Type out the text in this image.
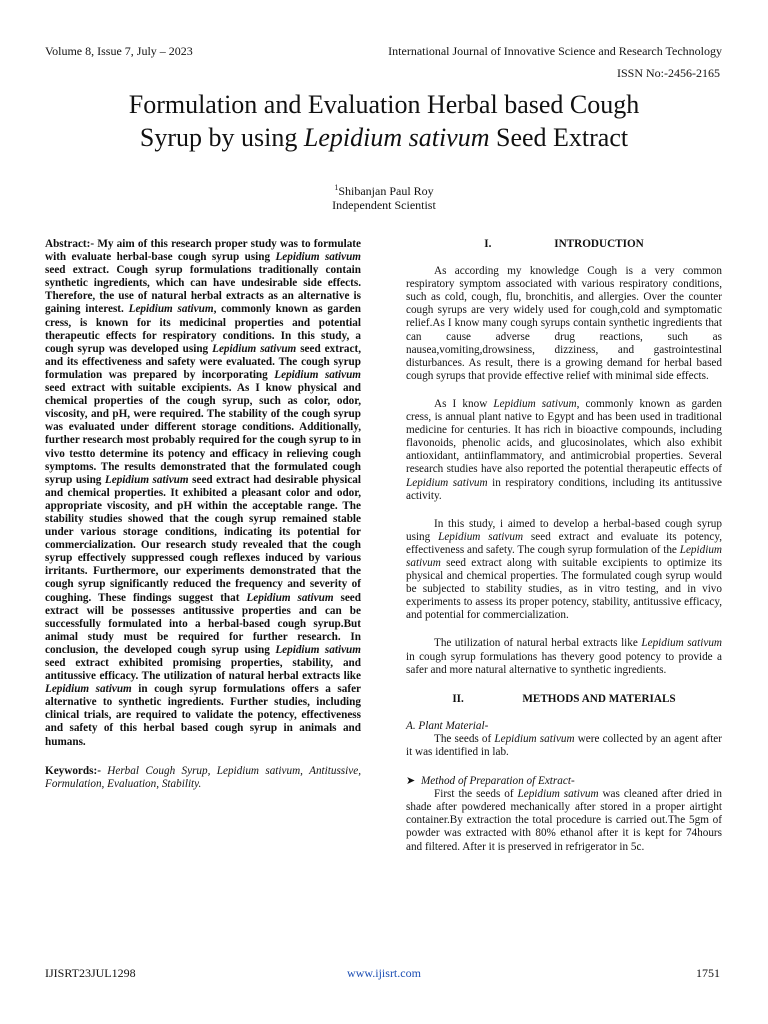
Volume 8, Issue 7, July – 2023	International Journal of Innovative Science and Research Technology
ISSN No:-2456-2165
Formulation and Evaluation Herbal based Cough
Syrup by using Lepidium sativum Seed Extract
$^1$Shibanjan Paul Roy
Independent Scientist

Abstract:- My aim of this research proper study was to formulate with evaluate herbal-base cough syrup using Lepidium sativum seed extract. Cough syrup formulations traditionally contain synthetic ingredients, which can have undesirable side effects. Therefore, the use of natural herbal extracts as an alternative is gaining interest. Lepidium sativum, commonly known as garden cress, is known for its medicinal properties and potential therapeutic effects for respiratory conditions. In this study, a cough syrup was developed using Lepidium sativum seed extract, and its effectiveness and safety were evaluated. The cough syrup formulation was prepared by incorporating Lepidium sativum seed extract with suitable excipients. As I know physical and chemical properties of the cough syrup, such as color, odor, viscosity, and pH, were required. The stability of the cough syrup was evaluated under different storage conditions. Additionally, further research most probably required for the cough syrup to in vivo testto determine its potency and efficacy in relieving cough symptoms. The results demonstrated that the formulated cough syrup using Lepidium sativum seed extract had desirable physical and chemical properties. It exhibited a pleasant color and odor, appropriate viscosity, and pH within the acceptable range. The stability studies showed that the cough syrup remained stable under various storage conditions, indicating its potential for commercialization. Our research study revealed that the cough syrup effectively suppressed cough reflexes induced by various irritants. Furthermore, our experiments demonstrated that the cough syrup significantly reduced the frequency and severity of coughing. These findings suggest that Lepidium sativum seed extract will be possesses antitussive properties and can be successfully formulated into a herbal-based cough syrup.But animal study must be required for further research. In conclusion, the developed cough syrup using Lepidium sativum seed extract exhibited promising properties, stability, and antitussive efficacy. The utilization of natural herbal extracts like Lepidium sativum in cough syrup formulations offers a safer alternative to synthetic ingredients. Further studies, including clinical trials, are required to validate the potency, effectiveness and safety of this herbal based cough syrup in animals and humans.

Keywords:- Herbal Cough Syrup, Lepidium sativum, Antitussive, Formulation, Evaluation, Stability.

I.	INTRODUCTION

As according my knowledge Cough is a very common respiratory symptom associated with various respiratory conditions, such as cold, cough, flu, bronchitis, and allergies. Over the counter cough syrups are very widely used for cough,cold and symptomatic relief.As I know many cough syrups contain synthetic ingredients that can cause adverse drug reactions, such as nausea,vomiting,drowsiness, dizziness, and gastrointestinal disturbances. As result, there is a growing demand for herbal based cough syrups that provide effective relief with minimal side effects.

As I know Lepidium sativum, commonly known as garden cress, is annual plant native to Egypt and has been used in traditional medicine for centuries. It has rich in bioactive compounds, including flavonoids, phenolic acids, and glucosinolates, which also exhibit antioxidant, antiinflammatory, and antimicrobial properties. Several research studies have also reported the potential therapeutic effects of Lepidium sativum in respiratory conditions, including its antitussive activity.

In this study, i aimed to develop a herbal-based cough syrup using Lepidium sativum seed extract and evaluate its potency, effectiveness and safety. The cough syrup formulation of the Lepidium sativum seed extract along with suitable excipients to optimize its physical and chemical properties. The formulated cough syrup would be subjected to stability studies, as in vitro testing, and in vivo experiments to assess its proper potency, stability, antitussive efficacy, and potential for commercialization.

The utilization of natural herbal extracts like Lepidium sativum in cough syrup formulations has thevery good potency to provide a safer and more natural alternative to synthetic ingredients.

II.	METHODS AND MATERIALS

A. Plant Material-

The seeds of Lepidium sativum were collected by an agent after it was identified in lab.

➤ Method of Preparation of Extract-

First the seeds of Lepidium sativum was cleaned after dried in shade after powdered mechanically after stored in a proper airtight container.By extraction the total procedure is carried out.The 5gm of powder was extracted with 80% ethanol after it is kept for 74hours and filtered. After it is preserved in refrigerator in 5c.

IJISRT23JUL1298	www.ijisrt.com	1751
